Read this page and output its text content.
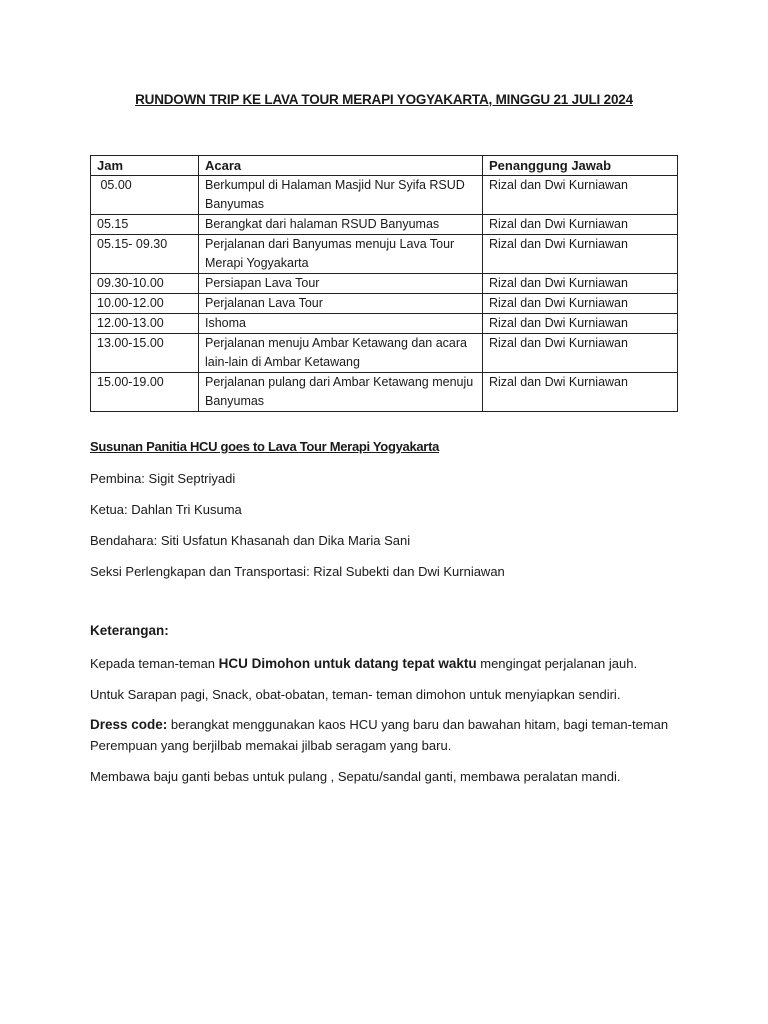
RUNDOWN TRIP KE LAVA TOUR MERAPI YOGYAKARTA, MINGGU 21 JULI 2024
Jam	Acara	Penanggung Jawab
05.00	Berkumpul di Halaman Masjid Nur Syifa RSUD Banyumas	Rizal dan Dwi Kurniawan
05.15	Berangkat dari halaman RSUD Banyumas	Rizal dan Dwi Kurniawan
05.15- 09.30	Perjalanan dari Banyumas menuju Lava Tour Merapi Yogyakarta	Rizal dan Dwi Kurniawan
09.30-10.00	Persiapan Lava Tour	Rizal dan Dwi Kurniawan
10.00-12.00	Perjalanan Lava Tour	Rizal dan Dwi Kurniawan
12.00-13.00	Ishoma	Rizal dan Dwi Kurniawan
13.00-15.00	Perjalanan menuju Ambar Ketawang dan acara lain-lain di Ambar Ketawang	Rizal dan Dwi Kurniawan
15.00-19.00	Perjalanan pulang dari Ambar Ketawang menuju Banyumas	Rizal dan Dwi Kurniawan
Susunan Panitia HCU goes to Lava Tour Merapi Yogyakarta
Pembina: Sigit Septriyadi
Ketua: Dahlan Tri Kusuma
Bendahara: Siti Usfatun Khasanah dan Dika Maria Sani
Seksi Perlengkapan dan Transportasi: Rizal Subekti dan Dwi Kurniawan
Keterangan:
Kepada teman-teman HCU Dimohon untuk datang tepat waktu mengingat perjalanan jauh.
Untuk Sarapan pagi, Snack, obat-obatan, teman- teman dimohon untuk menyiapkan sendiri.
Dress code: berangkat menggunakan kaos HCU yang baru dan bawahan hitam, bagi teman-teman Perempuan yang berjilbab memakai jilbab seragam yang baru.
Membawa baju ganti bebas untuk pulang , Sepatu/sandal ganti, membawa peralatan mandi.
